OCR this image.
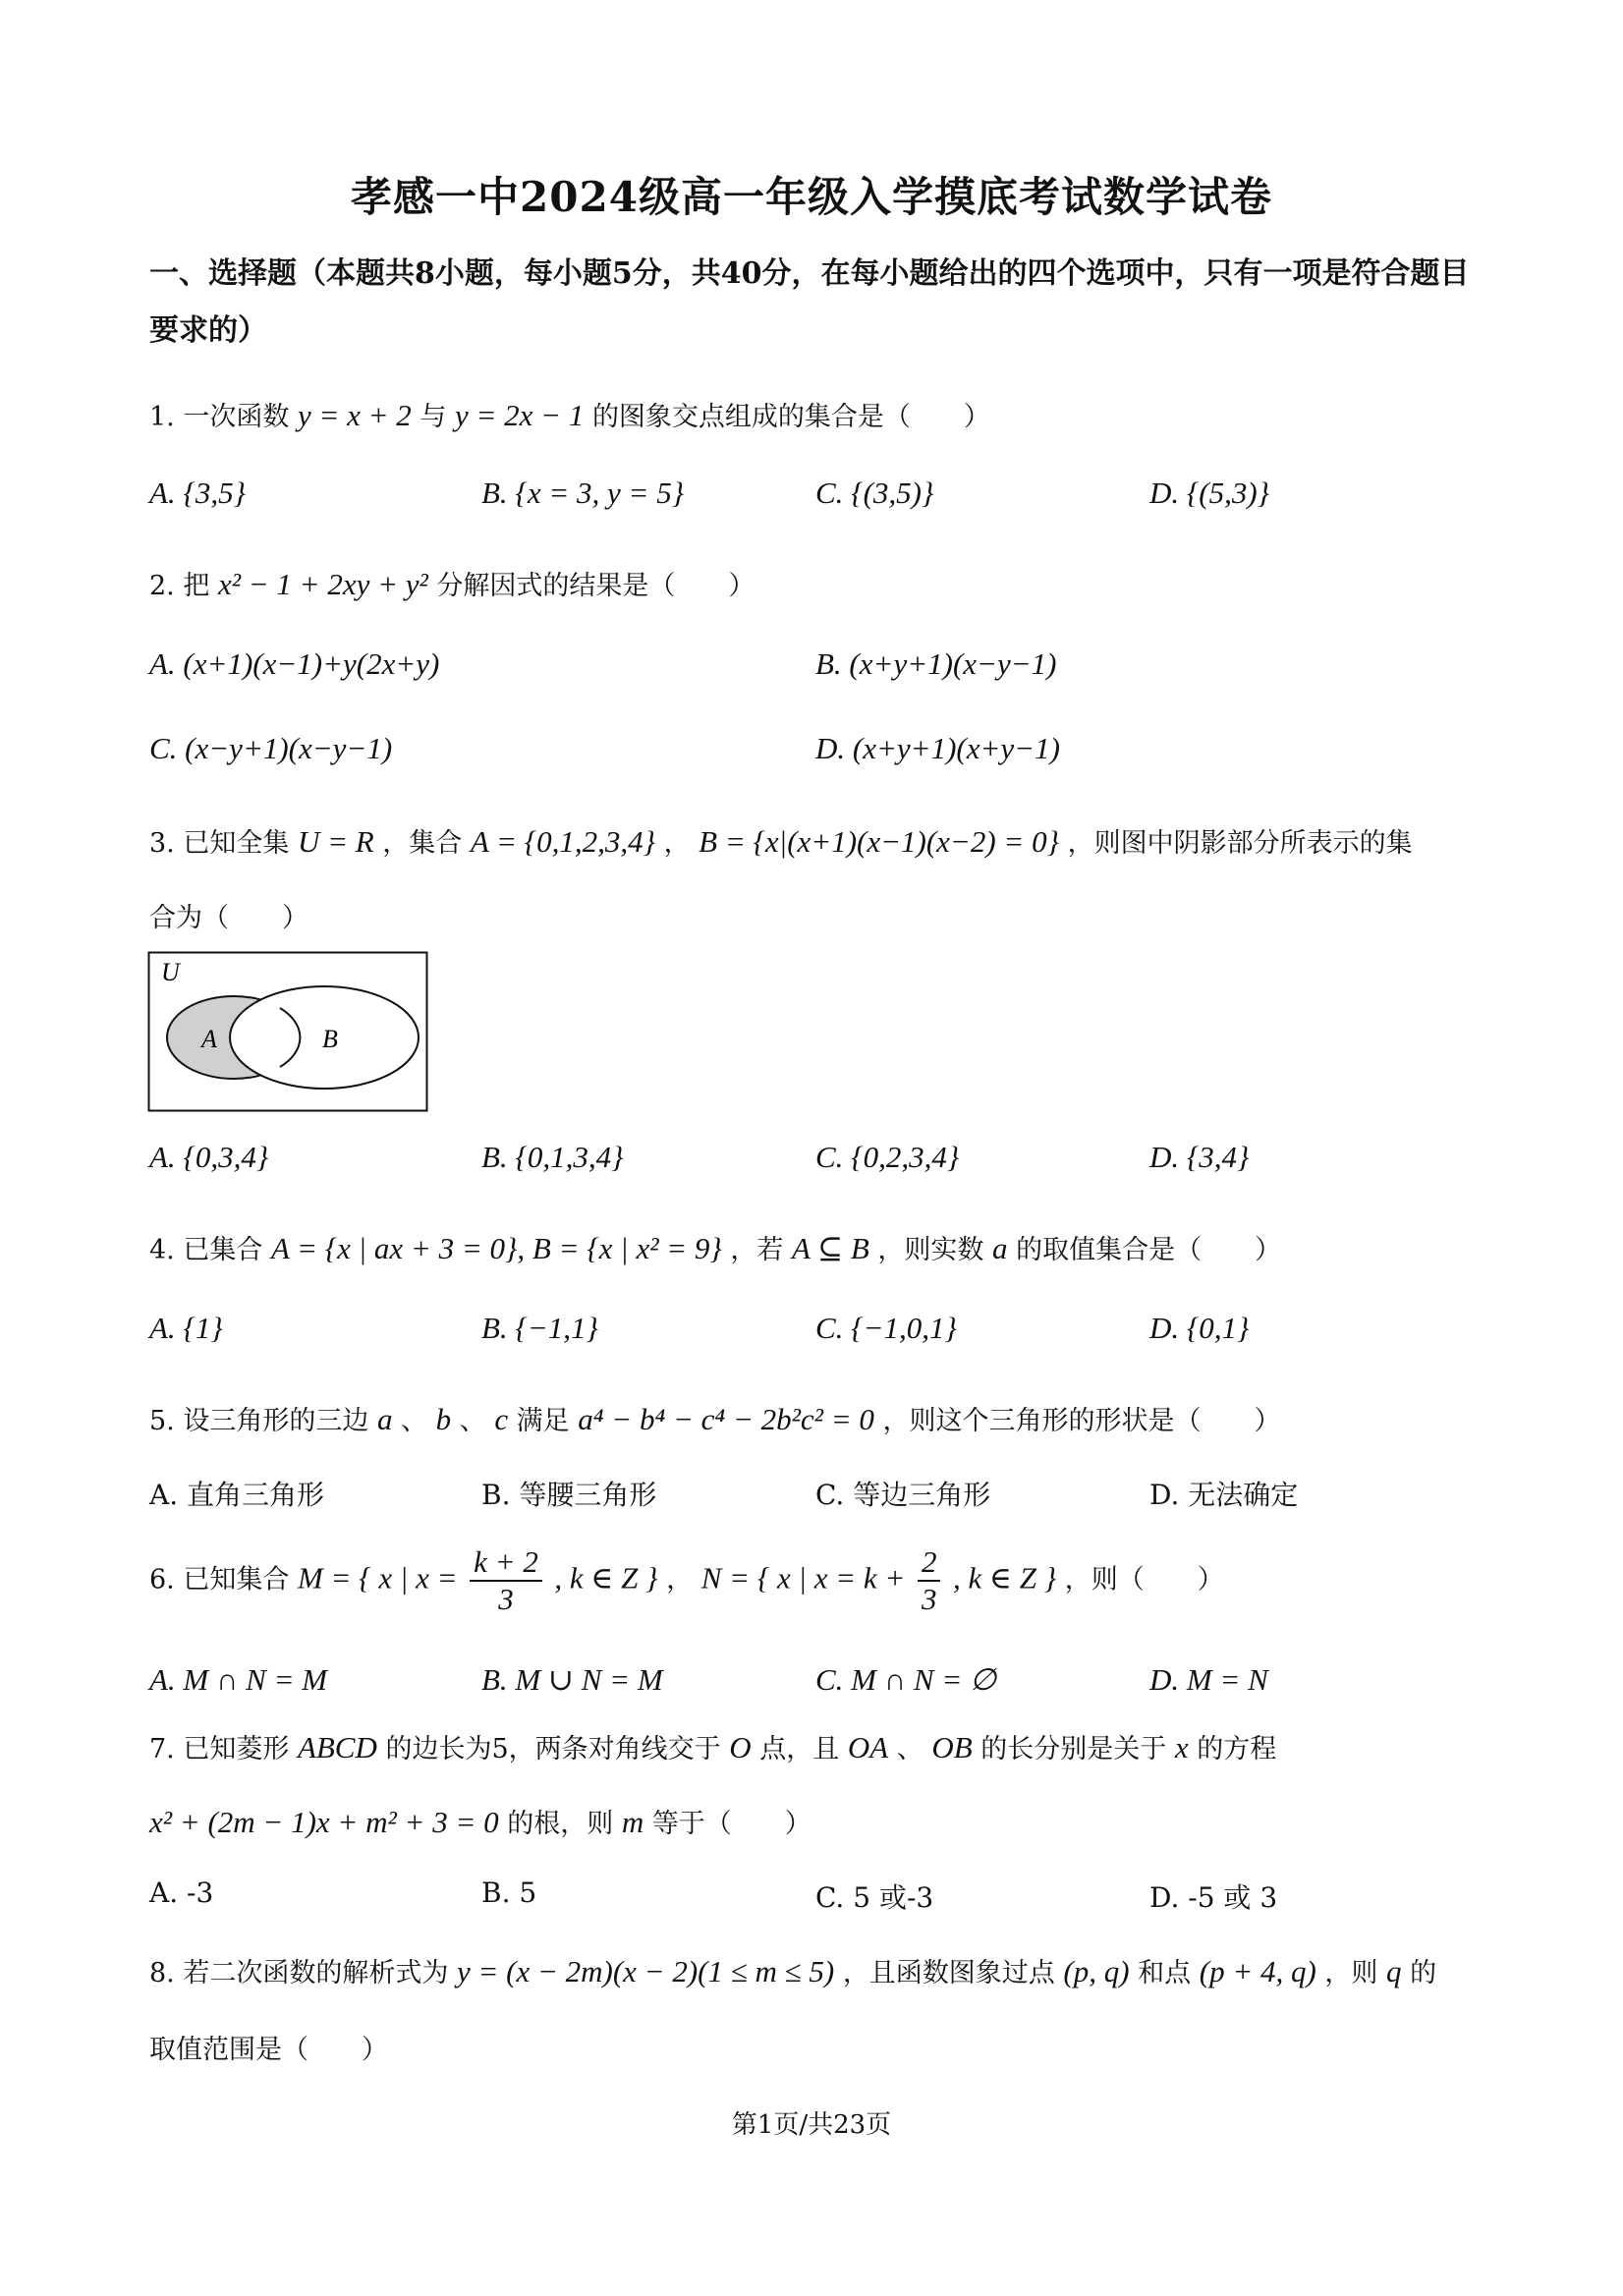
孝感一中2024级高一年级入学摸底考试数学试卷
一、选择题（本题共8小题，每小题5分，共40分，在每小题给出的四个选项中，只有一项是符合题目要求的）
1. 一次函数 y = x + 2 与 y = 2x − 1 的图象交点组成的集合是（　　）
A. {3,5}	B. {x = 3, y = 5}	C. {(3,5)}	D. {(5,3)}
2. 把 x² − 1 + 2xy + y² 分解因式的结果是（　　）
A. (x+1)(x−1)+y(2x+y)	B. (x+y+1)(x−y−1)
C. (x−y+1)(x−y−1)	D. (x+y+1)(x+y−1)
3. 已知全集 U = R ，集合 A = {0,1,2,3,4} ， B = {x|(x+1)(x−1)(x−2) = 0} ，则图中阴影部分所表示的集
合为（　　）
U
A	B
A. {0,3,4}	B. {0,1,3,4}	C. {0,2,3,4}	D. {3,4}
4. 已集合 A = {x | ax + 3 = 0}, B = {x | x² = 9} ，若 A ⊆ B ，则实数 a 的取值集合是（　　）
A. {1}	B. {−1,1}	C. {−1,0,1}	D. {0,1}
5. 设三角形的三边 a 、 b 、 c 满足 a⁴ − b⁴ − c⁴ − 2b²c² = 0 ，则这个三角形的形状是（　　）
A. 直角三角形	B. 等腰三角形	C. 等边三角形	D. 无法确定
6. 已知集合 M = { x | $x = \frac{k + 2}{3}$ , k ∈ Z } ， N = { x | $x = k + \frac{2}{3}$ , k ∈ Z } ，则（　　）
A. M ∩ N = M	B. M ∪ N = M	C. M ∩ N = ∅	D. M = N
7. 已知菱形 ABCD 的边长为5，两条对角线交于 O 点，且 OA 、 OB 的长分别是关于 x 的方程
x² + (2m − 1)x + m² + 3 = 0 的根，则 m 等于（　　）
A. -3	B. 5	C. 5 或-3	D. -5 或 3
8. 若二次函数的解析式为 y = (x − 2m)(x − 2)(1 ≤ m ≤ 5) ，且函数图象过点 (p, q) 和点 (p + 4, q) ，则 q 的
取值范围是（　　）
第1页/共23页
